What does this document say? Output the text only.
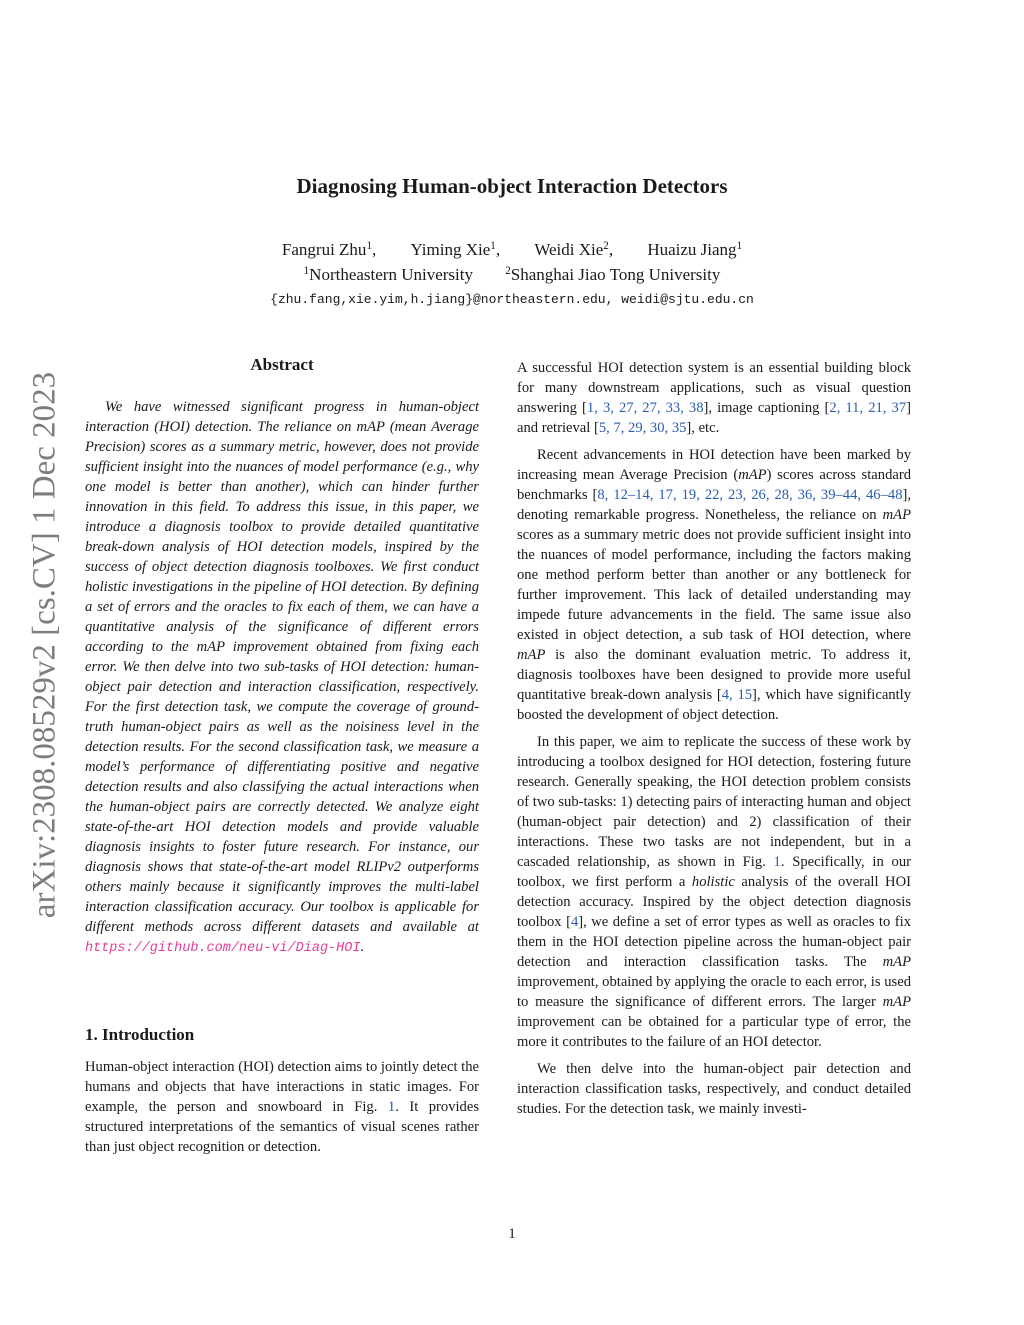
Diagnosing Human-object Interaction Detectors
Fangrui Zhu$^1$, Yiming Xie$^1$, Weidi Xie$^2$, Huaizu Jiang$^1$
$^1$Northeastern University	$^2$Shanghai Jiao Tong University
{zhu.fang,xie.yim,h.jiang}@northeastern.edu, weidi@sjtu.edu.cn
arXiv:2308.08529v2 [cs.CV] 1 Dec 2023
Abstract

We have witnessed significant progress in human-object interaction (HOI) detection. The reliance on mAP (mean Average Precision) scores as a summary metric, however, does not provide sufficient insight into the nuances of model performance (e.g., why one model is better than another), which can hinder further innovation in this field. To address this issue, in this paper, we introduce a diagnosis toolbox to provide detailed quantitative break-down analysis of HOI detection models, inspired by the success of object detection diagnosis toolboxes. We first conduct holistic investigations in the pipeline of HOI detection. By defining a set of errors and the oracles to fix each of them, we can have a quantitative analysis of the significance of different errors according to the mAP improvement obtained from fixing each error. We then delve into two sub-tasks of HOI detection: human-object pair detection and interaction classification, respectively. For the first detection task, we compute the coverage of ground-truth human-object pairs as well as the noisiness level in the detection results. For the second classification task, we measure a model’s performance of differentiating positive and negative detection results and also classifying the actual interactions when the human-object pairs are correctly detected. We analyze eight state-of-the-art HOI detection models and provide valuable diagnosis insights to foster future research. For instance, our diagnosis shows that state-of-the-art model RLIPv2 outperforms others mainly because it significantly improves the multi-label interaction classification accuracy. Our toolbox is applicable for different methods across different datasets and available at https://github.com/neu-vi/Diag-HOI.

1. Introduction

Human-object interaction (HOI) detection aims to jointly detect the humans and objects that have interactions in static images. For example, the person and snowboard in Fig. 1. It provides structured interpretations of the semantics of visual scenes rather than just object recognition or detection.

A successful HOI detection system is an essential building block for many downstream applications, such as visual question answering [1, 3, 27, 27, 33, 38], image captioning [2, 11, 21, 37] and retrieval [5, 7, 29, 30, 35], etc.

Recent advancements in HOI detection have been marked by increasing mean Average Precision (mAP) scores across standard benchmarks [8, 12–14, 17, 19, 22, 23, 26, 28, 36, 39–44, 46–48], denoting remarkable progress. Nonetheless, the reliance on mAP scores as a summary metric does not provide sufficient insight into the nuances of model performance, including the factors making one method perform better than another or any bottleneck for further improvement. This lack of detailed understanding may impede future advancements in the field. The same issue also existed in object detection, a sub task of HOI detection, where mAP is also the dominant evaluation metric. To address it, diagnosis toolboxes have been designed to provide more useful quantitative break-down analysis [4, 15], which have significantly boosted the development of object detection.

In this paper, we aim to replicate the success of these work by introducing a toolbox designed for HOI detection, fostering future research. Generally speaking, the HOI detection problem consists of two sub-tasks: 1) detecting pairs of interacting human and object (human-object pair detection) and 2) classification of their interactions. These two tasks are not independent, but in a cascaded relationship, as shown in Fig. 1. Specifically, in our toolbox, we first perform a holistic analysis of the overall HOI detection accuracy. Inspired by the object detection diagnosis toolbox [4], we define a set of error types as well as oracles to fix them in the HOI detection pipeline across the human-object pair detection and interaction classification tasks. The mAP improvement, obtained by applying the oracle to each error, is used to measure the significance of different errors. The larger mAP improvement can be obtained for a particular type of error, the more it contributes to the failure of an HOI detector.

We then delve into the human-object pair detection and interaction classification tasks, respectively, and conduct detailed studies. For the detection task, we mainly investi-

1
